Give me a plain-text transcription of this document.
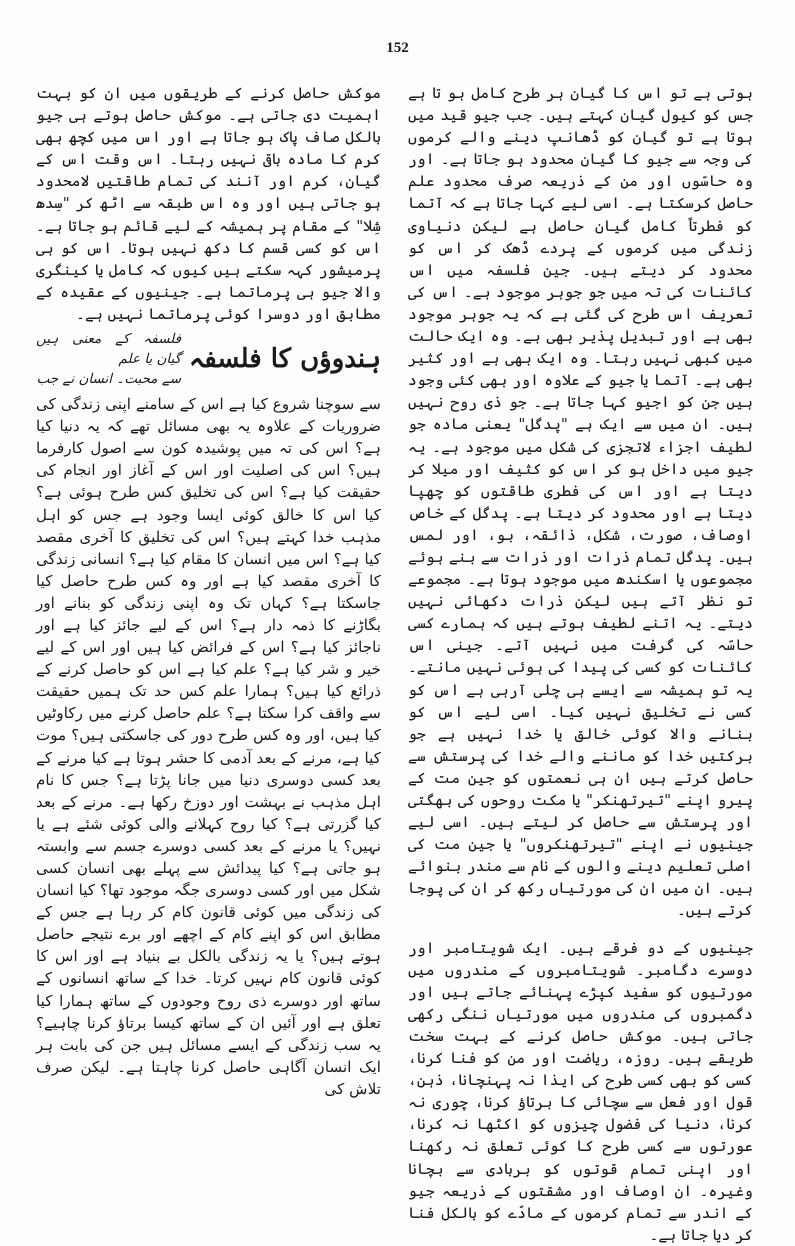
152

ہوتی ہے تو اس کا گیان ہر طرح کامل ہو تا ہے جس کو کیول گیان کہتے ہیں۔ جب جیو قید میں ہوتا ہے تو گیان کو ڈھانپ دینے والے کرموں کی وجہ سے جیو کا گیان محدود ہو جاتا ہے۔ اور وہ حاسّوں اور من کے ذریعہ صرف محدود علم حاصل کرسکتا ہے۔ اسی لیے کہا جاتا ہے کہ آتما کو فطرتاً کامل گیان حاصل ہے لیکن دنیاوی زندگی میں کرموں کے پردے ڈھک کر اس کو محدود کر دیتے ہیں۔ جین فلسفہ میں اس کائنات کی تہ میں جو جوہر موجود ہے۔ اس کی تعریف اس طرح کی گئی ہے کہ یہ جوہر موجود بھی ہے اور تبدیل پذیر بھی ہے۔ وہ ایک حالت میں کبھی نہیں رہتا۔ وہ ایک بھی ہے اور کثیر بھی ہے۔ آتما یا جیو کے علاوہ اور بھی کئی وجود ہیں جن کو اجیو کہا جاتا ہے۔ جو ذی روح نہیں ہیں۔ ان میں سے ایک ہے "پدگل" یعنی مادہ جو لطیف اجزاء لاتجزی کی شکل میں موجود ہے۔ یہ جیو میں داخل ہو کر اس کو کثیف اور میلا کر دیتا ہے اور اس کی فطری طاقتوں کو چھپا دیتا ہے اور محدود کر دیتا ہے۔ پدگل کے خاص اوصاف، صورت، شکل، ذائقہ، بو، اور لمس ہیں۔ پدگل تمام ذرات اور ذرات سے بنے ہوئے مجموعوں یا اسکندھ میں موجود ہوتا ہے۔ مجموعے تو نظر آتے ہیں لیکن ذرات دکھائی نہیں دیتے۔ یہ اتنے لطیف ہوتے ہیں کہ ہمارے کسی حاسّہ کی گرفت میں نہیں آتے۔ جینی اس کائنات کو کسی کی پیدا کی ہوئی نہیں مانتے۔ یہ تو ہمیشہ سے ایسے ہی چلی آرہی ہے اس کو کسی نے تخلیق نہیں کیا۔ اسی لیے اس کو بنانے والا کوئی خالق یا خدا نہیں ہے جو برکتیں خدا کو ماننے والے خدا کی پرستش سے حاصل کرتے ہیں ان ہی نعمتوں کو جین مت کے پیرو اپنے "تیرتھنکر" یا مکت روحوں کی بھگتی اور پرستش سے حاصل کر لیتے ہیں۔ اسی لیے جینیوں نے اپنے "تیرتھنکروں" یا جین مت کی اصلی تعلیم دینے والوں کے نام سے مندر بنوائے ہیں۔ ان میں ان کی مورتیاں رکھ کر ان کی پوجا کرتے ہیں۔

جینیوں کے دو فرقے ہیں۔ ایک شویتامبر اور دوسرے دگامبر۔ شویتامبروں کے مندروں میں مورتیوں کو سفید کپڑے پہنائے جاتے ہیں اور دگمبروں کی مندروں میں مورتیاں ننگی رکھی جاتی ہیں۔ موکش حاصل کرنے کے بہت سخت طریقے ہیں۔ روزہ، ریاضت اور من کو فنا کرنا، کسی کو بھی کسی طرح کی ایذا نہ پہنچانا، ذہن، قول اور فعل سے سچائی کا برتاؤ کرنا، چوری نہ کرنا، دنیا کی فضول چیزوں کو اکٹھا نہ کرنا، عورتوں سے کسی طرح کا کوئی تعلق نہ رکھنا اور اپنی تمام قوتوں کو بربادی سے بچانا وغیرہ۔ ان اوصاف اور مشقتوں کے ذریعہ جیو کے اندر سے تمام کرموں کے مادّے کو بالکل فنا کر دیا جاتا ہے۔

موکش حاصل کرنے کے طریقوں میں ان کو بہت اہمیت دی جاتی ہے۔ موکش حاصل ہوتے ہی جیو بالکل صاف پاک ہو جاتا ہے اور اس میں کچھ بھی کرم کا مادہ باقی نہیں رہتا۔ اس وقت اس کے گیان، کرم اور آنند کی تمام طاقتیں لامحدود ہو جاتی ہیں اور وہ اس طبقہ سے اٹھ کر "سِدھ شِلا" کے مقام پر ہمیشہ کے لیے قائم ہو جاتا ہے۔ اس کو کسی قسم کا دکھ نہیں ہوتا۔ اس کو ہی پرمیشور کہہ سکتے ہیں کیوں کہ کامل یا کینگری والا جیو ہی پرماتما ہے۔ جینیوں کے عقیدہ کے مطابق اور دوسرا کوئی پرماتما نہیں ہے۔

ہندوؤں کا فلسفہ
فلسفہ کے معنی ہیں گیان یا علم
سے محبت۔ انسان نے جب

سے سوچنا شروع کیا ہے اس کے سامنے اپنی زندگی کی ضروریات کے علاوہ یہ بھی مسائل تھے کہ یہ دنیا کیا ہے؟ اس کی تہ میں پوشیدہ کون سے اصول کارفرما ہیں؟ اس کی اصلیت اور اس کے آغاز اور انجام کی حقیقت کیا ہے؟ اس کی تخلیق کس طرح ہوئی ہے؟ کیا اس کا خالق کوئی ایسا وجود ہے جس کو اہل مذہب خدا کہتے ہیں؟ اس کی تخلیق کا آخری مقصد کیا ہے؟ اس میں انسان کا مقام کیا ہے؟ انسانی زندگی کا آخری مقصد کیا ہے اور وہ کس طرح حاصل کیا جاسکتا ہے؟ کہاں تک وہ اپنی زندگی کو بنانے اور بگاڑنے کا ذمہ دار ہے؟ اس کے لیے جائز کیا ہے اور ناجائز کیا ہے؟ اس کے فرائض کیا ہیں اور اس کے لیے خیر و شر کیا ہے؟ علم کیا ہے اس کو حاصل کرنے کے ذرائع کیا ہیں؟ ہمارا علم کس حد تک ہمیں حقیقت سے واقف کرا سکتا ہے؟ علم حاصل کرنے میں رکاوٹیں کیا ہیں، اور وہ کس طرح دور کی جاسکتی ہیں؟ موت کیا ہے، مرنے کے بعد آدمی کا حشر ہوتا ہے کیا مرنے کے بعد کسی دوسری دنیا میں جانا پڑتا ہے؟ جس کا نام اہل مذہب نے بہشت اور دوزخ رکھا ہے۔ مرنے کے بعد کیا گزرتی ہے؟ کیا روح کہلانے والی کوئی شئے ہے یا نہیں؟ یا مرنے کے بعد کسی دوسرے جسم سے وابستہ ہو جاتی ہے؟ کیا پیدائش سے پہلے بھی انسان کسی شکل میں اور کسی دوسری جگہ موجود تھا؟ کیا انسان کی زندگی میں کوئی قانون کام کر رہا ہے جس کے مطابق اس کو اپنے کام کے اچھے اور برے نتیجے حاصل ہوتے ہیں؟ یا یہ زندگی بالکل بے بنیاد ہے اور اس کا کوئی قانون کام نہیں کرتا۔ خدا کے ساتھ انسانوں کے ساتھ اور دوسرے ذی روح وجودوں کے ساتھ ہمارا کیا تعلق ہے اور آئیں ان کے ساتھ کیسا برتاؤ کرنا چاہیے؟ یہ سب زندگی کے ایسے مسائل ہیں جن کی بابت ہر ایک انسان آگاہی حاصل کرنا چاہتا ہے۔ لیکن صرف تلاش کی
